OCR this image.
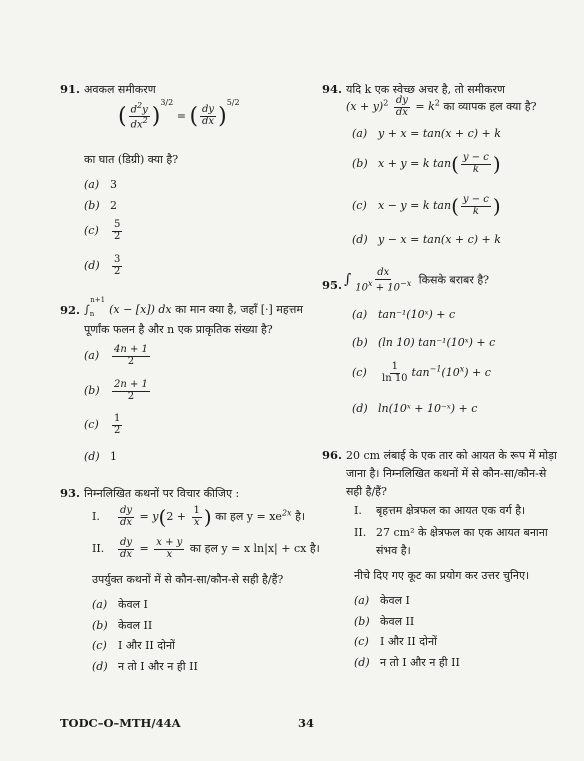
91. अवकल समीकरण
( $\frac{d^2y}{dx^2} )^{3/2}$ = ( $\frac{dy}{dx} )^{5/2}$
का घात (डिग्री) क्या है?
(a) 3
(b) 2
$(c) \frac{5}{2}$
$(d) \frac{3}{2}$
92. $\int_n^{n+1}(x - [x])$ dx का मान क्या है, जहाँ [·] महत्तम
पूर्णांक फलन है और n एक प्राकृतिक संख्या है?
$(a) \frac{4n + 1}{2}$
$(b) \frac{2n + 1}{2}$
$(c) \frac{1}{2}$
(d) 1
93. निम्नलिखित कथनों पर विचार कीजिए :
I. $\frac{dy}{dx} = y(2 + \frac{1}{x}$ ) का हल $y = xe^{2x}$ है।
II. $\frac{dy}{dx} = \frac{x + y}{x}$ का हल y = x ln|x| + cx है।
उपर्युक्त कथनों में से कौन-सा/कौन-से सही है/हैं?
(a) केवल I
(b) केवल II
(c) I और II दोनों
(d) न तो I और न ही II
94. यदि k एक स्वेच्छ अचर है, तो समीकरण
$(x + y)^2 \frac{dy}{dx} = k^2$ का व्यापक हल क्या है?
(a) y + x = tan(x + c) + k
(b) x + y = k $\tan( \frac{y - c}{k}$ )
(c) x − y = k $\tan( \frac{y - c}{k}$ )
(d) y − x = tan(x + c) + k
95. ∫ $\frac{dx}{10^x + 10^{-x}}$ किसके बराबर है?
(a) tan⁻¹(10ˣ) + c
(b) (ln 10) tan⁻¹(10ˣ) + c
$(c) \frac{1}{\ln 10} \tan^{-1}(10^x) + c$
(d) ln(10ˣ + 10⁻ˣ) + c
96. 20 cm लंबाई के एक तार को आयत के रूप में मोड़ा
जाना है। निम्नलिखित कथनों में से कौन-सा/कौन-से
सही है/हैं?
I. बृहत्तम क्षेत्रफल का आयत एक वर्ग है।
II. 27 cm² के क्षेत्रफल का एक आयत बनाना
संभव है।
नीचे दिए गए कूट का प्रयोग कर उत्तर चुनिए।
(a) केवल I
(b) केवल II
(c) I और II दोनों
(d) न तो I और न ही II
TODC–O–MTH/44A	34
